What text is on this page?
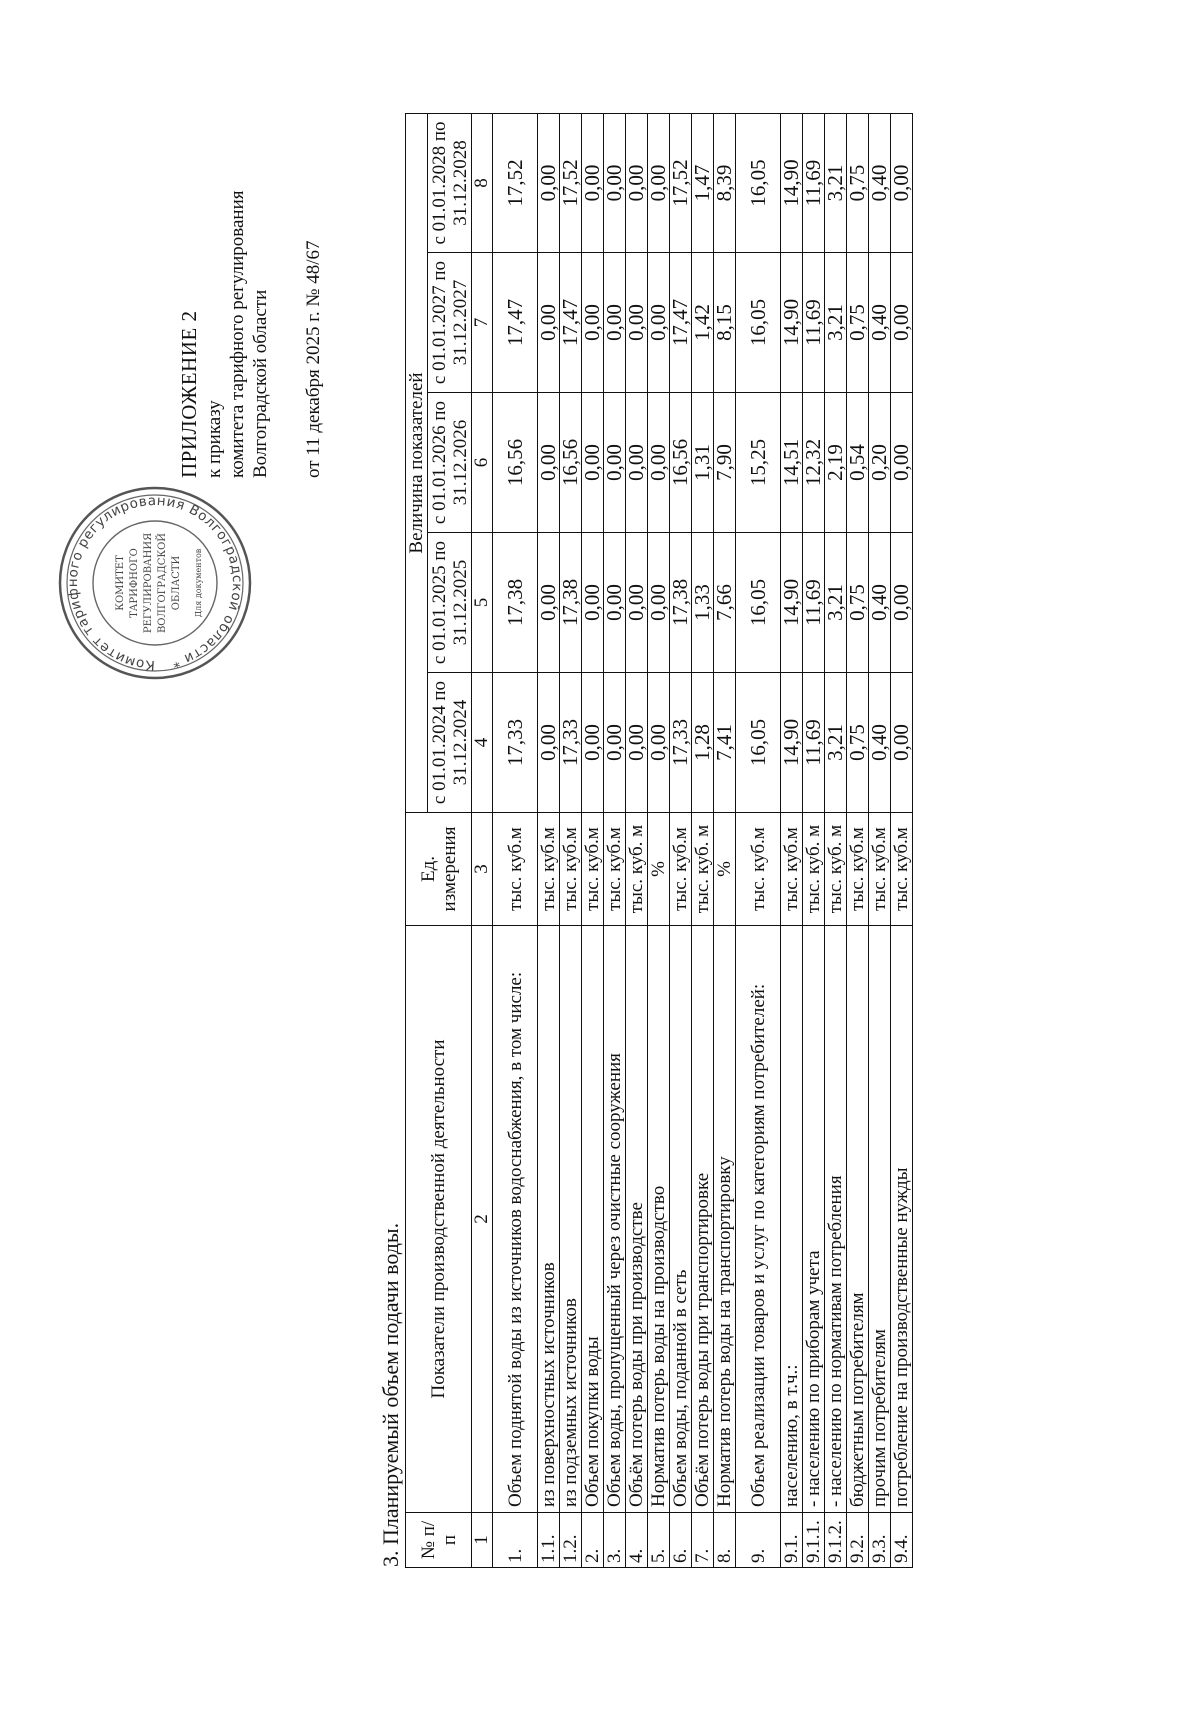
Комитет тарифного регулирования Волгоградской области *
КОМИТЕТ ТАРИФНОГО РЕГУЛИРОВАНИЯ ВОЛГОГРАДСКОЙ ОБЛАСТИ Для документов
ПРИЛОЖЕНИЕ 2 к приказу комитета тарифного регулирования Волгоградской области от 11 декабря 2025 г. № 48/67
3. Планируемый объем подачи воды. № п/п	Показатели производственной деятельности	Ед. измерения	Величина показателей				
			с 01.01.2024 по 31.12.2024	с 01.01.2025 по 31.12.2025	с 01.01.2026 по 31.12.2026	с 01.01.2027 по 31.12.2027	с 01.01.2028 по 31.12.2028
1	2	3	4	5	6	7	8
1.	Объем поднятой воды из источников водоснабжения, в том числе:	тыс. куб.м	17,33	17,38	16,56	17,47	17,52
1.1.	из поверхностных источников	тыс. куб.м	0,00	0,00	0,00	0,00	0,00
1.2.	из подземных источников	тыс. куб.м	17,33	17,38	16,56	17,47	17,52
2.	Объем покупки воды	тыс. куб.м	0,00	0,00	0,00	0,00	0,00
3.	Объем воды, пропущенный через очистные сооружения	тыс. куб.м	0,00	0,00	0,00	0,00	0,00
4.	Объём потерь воды при производстве	тыс. куб. м	0,00	0,00	0,00	0,00	0,00
5.	Норматив потерь воды на производство	%	0,00	0,00	0,00	0,00	0,00
6.	Объем воды, поданной в сеть	тыс. куб.м	17,33	17,38	16,56	17,47	17,52
7.	Объём потерь воды при транспортировке	тыс. куб. м	1,28	1,33	1,31	1,42	1,47
8.	Норматив потерь воды на транспортировку	%	7,41	7,66	7,90	8,15	8,39
9.	Объем реализации товаров и услуг по категориям потребителей:	тыс. куб.м	16,05	16,05	15,25	16,05	16,05
9.1.	населению, в т.ч.:	тыс. куб.м	14,90	14,90	14,51	14,90	14,90
9.1.1.	- населению по приборам учета	тыс. куб. м	11,69	11,69	12,32	11,69	11,69
9.1.2.	- населению по нормативам потребления	тыс. куб. м	3,21	3,21	2,19	3,21	3,21
9.2.	бюджетным потребителям	тыс. куб.м	0,75	0,75	0,54	0,75	0,75
9.3.	прочим потребителям	тыс. куб.м	0,40	0,40	0,20	0,40	0,40
9.4.	потребление на производственные нужды	тыс. куб.м	0,00	0,00	0,00	0,00	0,00
